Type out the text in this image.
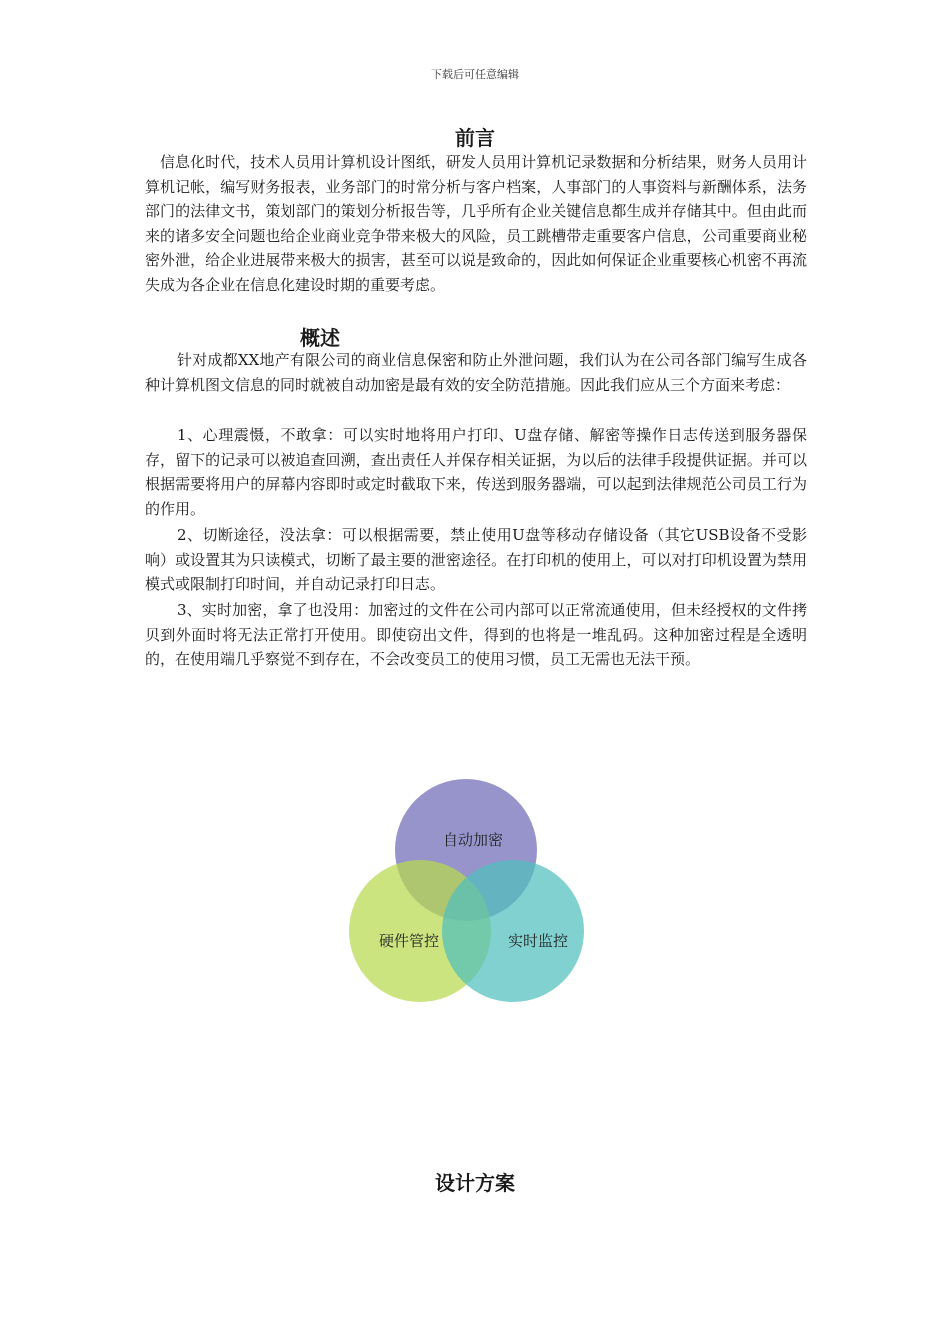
下载后可任意编辑
前言

信息化时代，技术人员用计算机设计图纸，研发人员用计算机记录数据和分析结果，财务人员用计算机记帐，编写财务报表，业务部门的时常分析与客户档案，人事部门的人事资料与新酬体系，法务部门的法律文书，策划部门的策划分析报告等，几乎所有企业关键信息都生成并存储其中。但由此而来的诸多安全问题也给企业商业竞争带来极大的风险，员工跳槽带走重要客户信息，公司重要商业秘密外泄，给企业进展带来极大的损害，甚至可以说是致命的，因此如何保证企业重要核心机密不再流失成为各企业在信息化建设时期的重要考虑。

概述

针对成都XX地产有限公司的商业信息保密和防止外泄问题，我们认为在公司各部门编写生成各种计算机图文信息的同时就被自动加密是最有效的安全防范措施。因此我们应从三个方面来考虑：

1、心理震慑，不敢拿：可以实时地将用户打印、U盘存储、解密等操作日志传送到服务器保存，留下的记录可以被追查回溯，查出责任人并保存相关证据，为以后的法律手段提供证据。并可以根据需要将用户的屏幕内容即时或定时截取下来，传送到服务器端，可以起到法律规范公司员工行为的作用。

2、切断途径，没法拿：可以根据需要，禁止使用U盘等移动存储设备（其它USB设备不受影响）或设置其为只读模式，切断了最主要的泄密途径。在打印机的使用上，可以对打印机设置为禁用模式或限制打印时间，并自动记录打印日志。

3、实时加密，拿了也没用：加密过的文件在公司内部可以正常流通使用，但未经授权的文件拷贝到外面时将无法正常打开使用。即使窃出文件，得到的也将是一堆乱码。这种加密过程是全透明的，在使用端几乎察觉不到存在，不会改变员工的使用习惯，员工无需也无法干预。

自动加密
硬件管控	实时监控
设计方案
